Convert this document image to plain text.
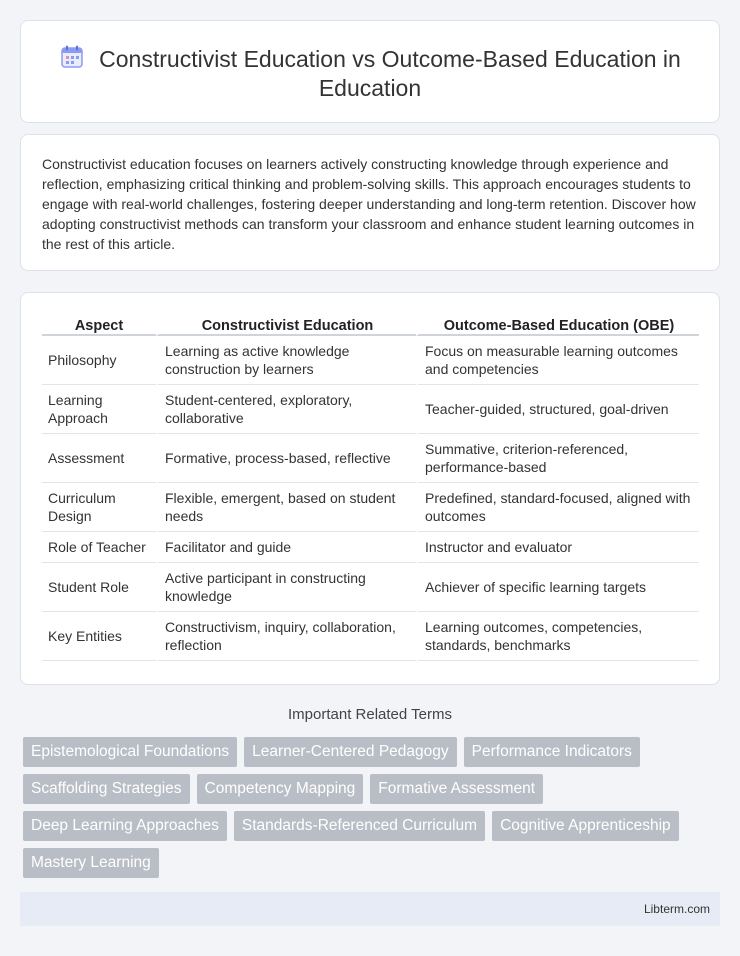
Constructivist Education vs Outcome-Based Education in Education

Constructivist education focuses on learners actively constructing knowledge through experience and reflection, emphasizing critical thinking and problem-solving skills. This approach encourages students to engage with real-world challenges, fostering deeper understanding and long-term retention. Discover how adopting constructivist methods can transform your classroom and enhance student learning outcomes in the rest of this article.

Aspect	Constructivist Education	Outcome-Based Education (OBE)
Philosophy	Learning as active knowledge construction by learners	Focus on measurable learning outcomes and competencies
Learning Approach	Student-centered, exploratory, collaborative	Teacher-guided, structured, goal-driven
Assessment	Formative, process-based, reflective	Summative, criterion-referenced, performance-based
Curriculum Design	Flexible, emergent, based on student needs	Predefined, standard-focused, aligned with outcomes
Role of Teacher	Facilitator and guide	Instructor and evaluator
Student Role	Active participant in constructing knowledge	Achiever of specific learning targets
Key Entities	Constructivism, inquiry, collaboration, reflection	Learning outcomes, competencies, standards, benchmarks
Important Related Terms
Epistemological Foundations	Learner-Centered Pedagogy	Performance Indicators
Scaffolding Strategies	Competency Mapping	Formative Assessment
Deep Learning Approaches	Standards-Referenced Curriculum	Cognitive Apprenticeship
Mastery Learning
Libterm.com
